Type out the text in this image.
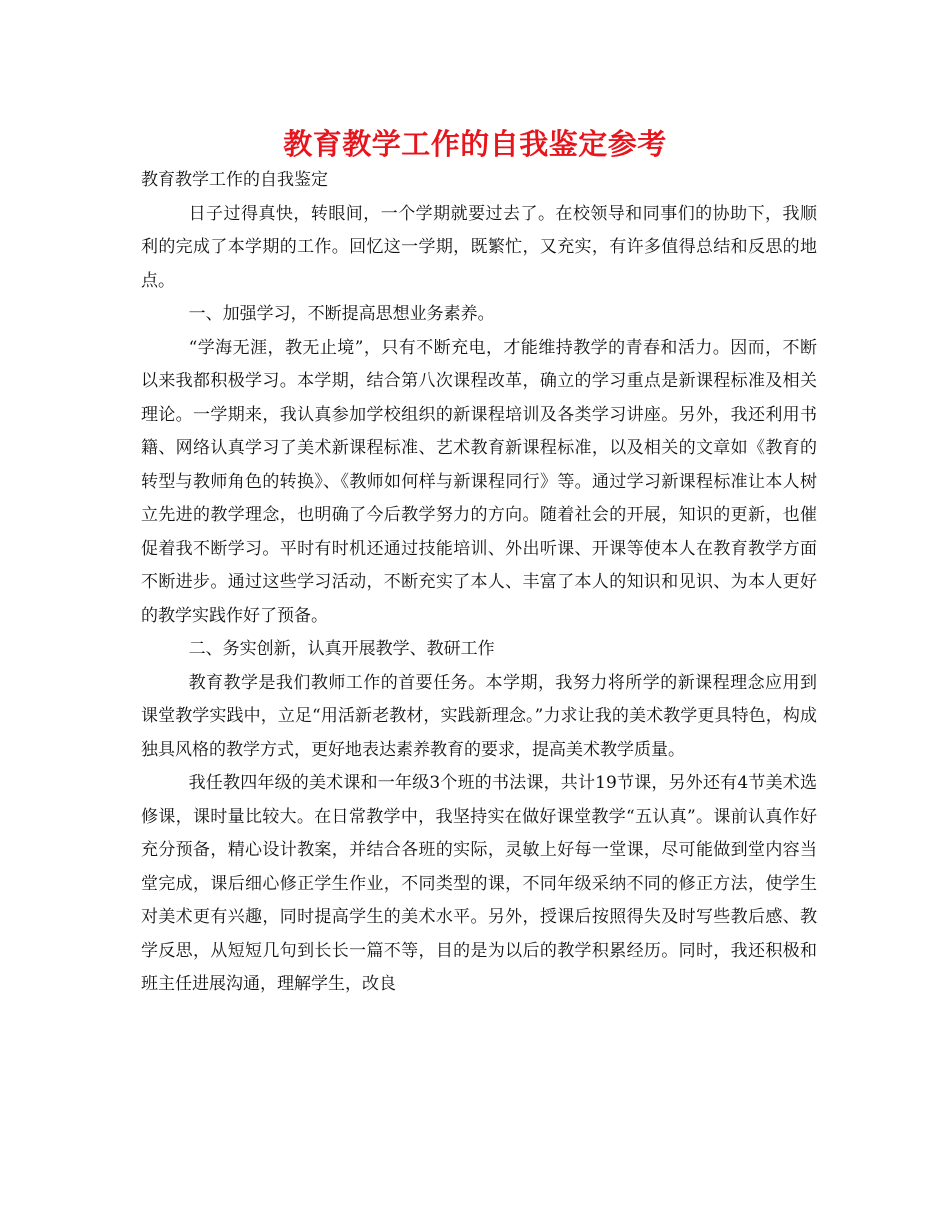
教育教学工作的自我鉴定参考

教育教学工作的自我鉴定

日子过得真快，转眼间，一个学期就要过去了。在校领导和同事们的协助下，我顺利的完成了本学期的工作。回忆这一学期，既繁忙，又充实，有许多值得总结和反思的地点。

一、加强学习，不断提高思想业务素养。

“学海无涯，教无止境”，只有不断充电，才能维持教学的青春和活力。因而，不断以来我都积极学习。本学期，结合第八次课程改革，确立的学习重点是新课程标准及相关理论。一学期来，我认真参加学校组织的新课程培训及各类学习讲座。另外，我还利用书籍、网络认真学习了美术新课程标准、艺术教育新课程标准，以及相关的文章如《教育的转型与教师角色的转换》、《教师如何样与新课程同行》等。通过学习新课程标准让本人树立先进的教学理念，也明确了今后教学努力的方向。随着社会的开展，知识的更新，也催促着我不断学习。平时有时机还通过技能培训、外出听课、开课等使本人在教育教学方面不断进步。通过这些学习活动，不断充实了本人、丰富了本人的知识和见识、为本人更好的教学实践作好了预备。

二、务实创新，认真开展教学、教研工作

教育教学是我们教师工作的首要任务。本学期，我努力将所学的新课程理念应用到课堂教学实践中，立足“用活新老教材，实践新理念。”力求让我的美术教学更具特色，构成独具风格的教学方式，更好地表达素养教育的要求，提高美术教学质量。

我任教四年级的美术课和一年级3个班的书法课，共计19节课，另外还有4节美术选修课，课时量比较大。在日常教学中，我坚持实在做好课堂教学“五认真”。课前认真作好充分预备，精心设计教案，并结合各班的实际，灵敏上好每一堂课，尽可能做到堂内容当堂完成，课后细心修正学生作业，不同类型的课，不同年级采纳不同的修正方法，使学生对美术更有兴趣，同时提高学生的美术水平。另外，授课后按照得失及时写些教后感、教学反思，从短短几句到长长一篇不等，目的是为以后的教学积累经历。同时，我还积极和班主任进展沟通，理解学生，改良
